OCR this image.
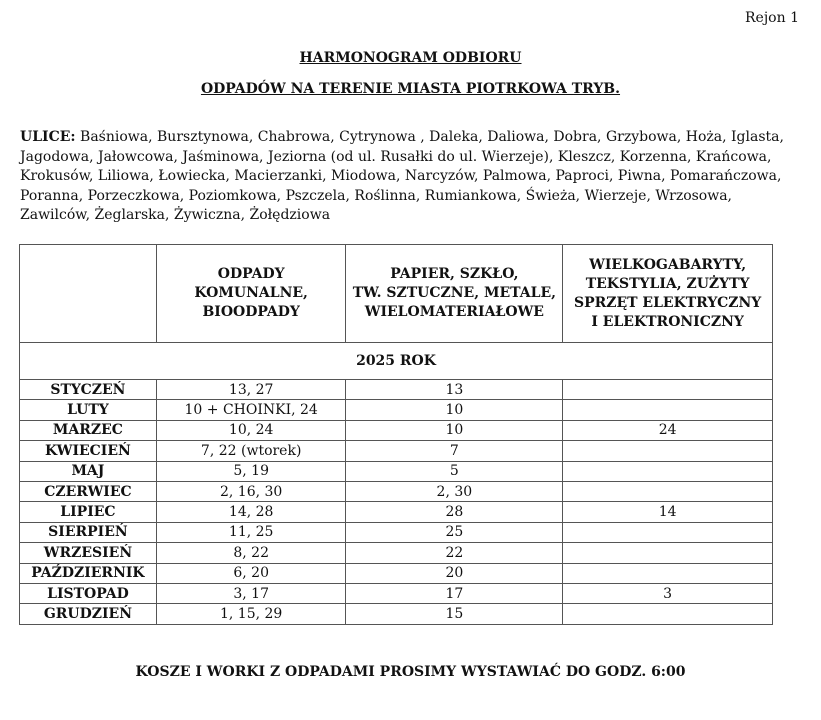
Rejon 1
HARMONOGRAM ODBIORU
ODPADÓW NA TERENIE MIASTA PIOTRKOWA TRYB.
ULICE: Baśniowa, Bursztynowa, Chabrowa, Cytrynowa , Daleka, Daliowa, Dobra, Grzybowa, Hoża, Iglasta, Jagodowa, Jałowcowa, Jaśminowa, Jeziorna (od ul. Rusałki do ul. Wierzeje), Kleszcz, Korzenna, Krańcowa, Krokusów, Liliowa, Łowiecka, Macierzanki, Miodowa, Narcyzów, Palmowa, Paproci, Piwna, Pomarańczowa, Poranna, Porzeczkowa, Poziomkowa, Pszczela, Roślinna, Rumiankowa, Świeża, Wierzeje, Wrzosowa, Zawilców, Żeglarska, Żywiczna, Żołędziowa
	ODPADY
KOMUNALNE,
BIOODPADY	PAPIER, SZKŁO,
TW. SZTUCZNE, METALE,
WIELOMATERIAŁOWE	WIELKOGABARYTY,
TEKSTYLIA, ZUŻYTY
SPRZĘT ELEKTRYCZNY
I ELEKTRONICZNY
2025 ROK			
STYCZEŃ	13, 27	13	
LUTY	10 + CHOINKI, 24	10	
MARZEC	10, 24	10	24
KWIECIEŃ	7, 22 (wtorek)	7	
MAJ	5, 19	5	
CZERWIEC	2, 16, 30	2, 30	
LIPIEC	14, 28	28	14
SIERPIEŃ	11, 25	25	
WRZESIEŃ	8, 22	22	
PAŹDZIERNIK	6, 20	20	
LISTOPAD	3, 17	17	3
GRUDZIEŃ	1, 15, 29	15	
KOSZE I WORKI Z ODPADAMI PROSIMY WYSTAWIAĆ DO GODZ. 6:00
